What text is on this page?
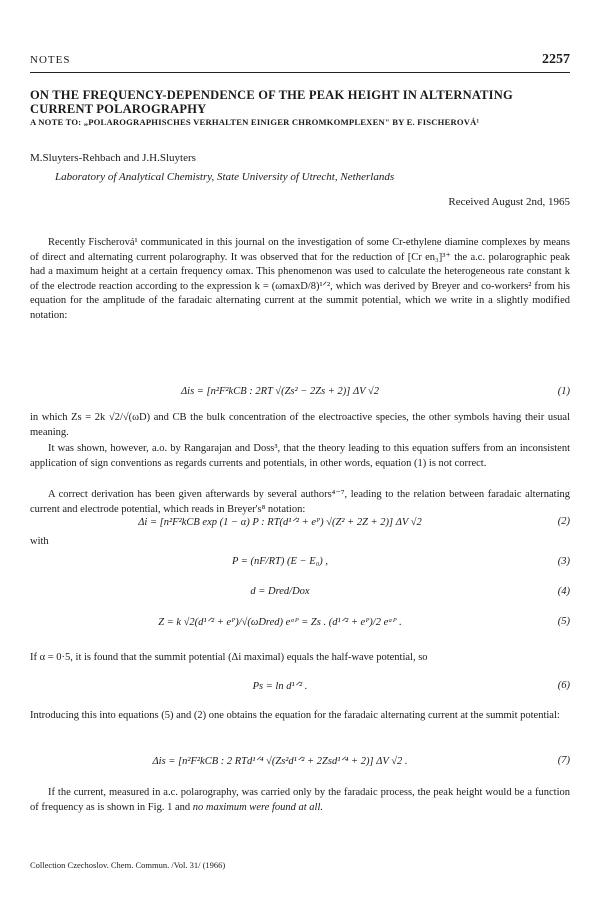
NOTES	2257
ON THE FREQUENCY-DEPENDENCE OF THE PEAK HEIGHT IN ALTERNATING CURRENT POLAROGRAPHY
A NOTE TO: „POLAROGRAPHISCHES VERHALTEN EINIGER CHROMKOMPLEXEN" BY E. FISCHEROVÁ¹
M.Sluyters-Rehbach and J.H.Sluyters
Laboratory of Analytical Chemistry, State University of Utrecht, Netherlands
Received August 2nd, 1965
Recently Fischerová¹ communicated in this journal on the investigation of some Cr-ethylene diamine complexes by means of direct and alternating current polarography. It was observed that for the reduction of [Cr en₃]³⁺ the a.c. polarographic peak had a maximum height at a certain frequency ωmax. This phenomenon was used to calculate the heterogeneous rate constant k of the electrode reaction according to the expression k = (ωmaxD/8)¹ᐟ², which was derived by Breyer and co-workers² from his equation for the amplitude of the faradaic alternating current at the summit potential, which we write in a slightly modified notation:
Δis = [n²F²kCB : 2RT √(Zs² − 2Zs + 2)] ΔV √2	(1)
in which Zs = 2k √2/√(ωD) and CB the bulk concentration of the electroactive species, the other symbols having their usual meaning.
It was shown, however, a.o. by Rangarajan and Doss³, that the theory leading to this equation suffers from an inconsistent application of sign conventions as regards currents and potentials, in other words, equation (1) is not correct.
A correct derivation has been given afterwards by several authors⁴⁻⁷, leading to the relation between faradaic alternating current and electrode potential, which reads in Breyer's⁸ notation:
Δi = [n²F²kCB exp (1 − α) P : RT(d¹ᐟ² + eᴾ) √(Z² + 2Z + 2)] ΔV √2	(2)
with
P = (nF/RT) (E − E₀) ,	(3)
d = Dred/Dox	(4)
Z = k √2(d¹ᐟ² + eᴾ)/√(ωDred) eᵅᴾ = Zs . (d¹ᐟ² + eᴾ)/2 eᵅᴾ .	(5)
If α = 0·5, it is found that the summit potential (Δi maximal) equals the half-wave potential, so
Ps = ln d¹ᐟ² .	(6)
Introducing this into equations (5) and (2) one obtains the equation for the faradaic alternating current at the summit potential:
Δis = [n²F²kCB : 2 RTd¹ᐟ⁴ √(Zs²d¹ᐟ² + 2Zsd¹ᐟ⁴ + 2)] ΔV √2 .	(7)
If the current, measured in a.c. polarography, was carried only by the faradaic process, the peak height would be a function of frequency as is shown in Fig. 1 and no maximum were found at all.
Collection Czechoslov. Chem. Commun. /Vol. 31/ (1966)
